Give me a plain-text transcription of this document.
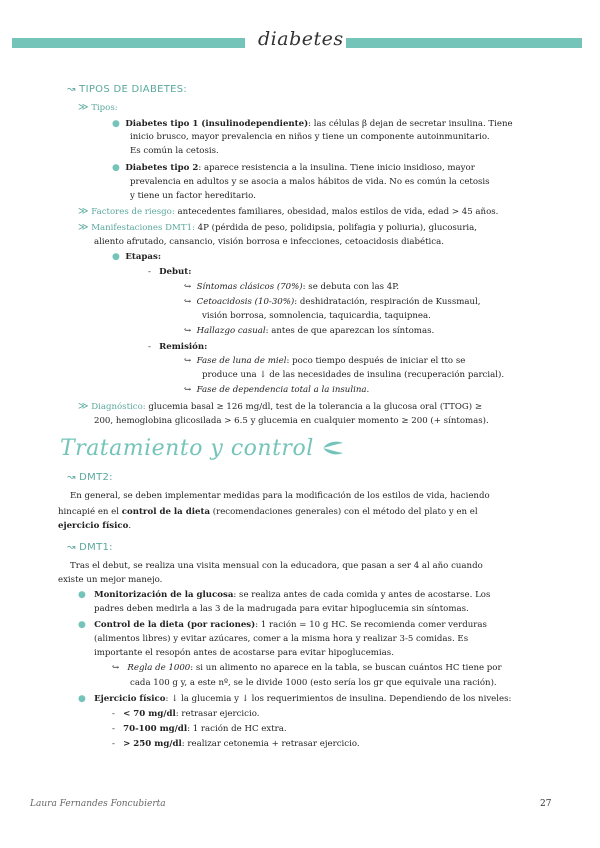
diabetes
↝ TIPOS DE DIABETES:
≫ Tipos:
● Diabetes tipo 1 (insulinodependiente): las células β dejan de secretar insulina. Tiene
inicio brusco, mayor prevalencia en niños y tiene un componente autoinmunitario.
Es común la cetosis.
● Diabetes tipo 2: aparece resistencia a la insulina. Tiene inicio insidioso, mayor
prevalencia en adultos y se asocia a malos hábitos de vida. No es común la cetosis
y tiene un factor hereditario.
≫ Factores de riesgo: antecedentes familiares, obesidad, malos estilos de vida, edad > 45 años.
≫ Manifestaciones DMT1: 4P (pérdida de peso, polidipsia, polifagia y poliuria), glucosuria,
aliento afrutado, cansancio, visión borrosa e infecciones, cetoacidosis diabética.
● Etapas:
- Debut:
↪ Síntomas clásicos (70%): se debuta con las 4P.
↪ Cetoacidosis (10-30%): deshidratación, respiración de Kussmaul,
visión borrosa, somnolencia, taquicardia, taquipnea.
↪ Hallazgo casual: antes de que aparezcan los síntomas.
- Remisión:
↪ Fase de luna de miel: poco tiempo después de iniciar el tto se
produce una ↓ de las necesidades de insulina (recuperación parcial).
↪ Fase de dependencia total a la insulina.
≫ Diagnóstico: glucemia basal ≥ 126 mg/dl, test de la tolerancia a la glucosa oral (TTOG) ≥
200, hemoglobina glicosilada > 6.5 y glucemia en cualquier momento ≥ 200 (+ síntomas).
Tratamiento y control
↝ DMT2:
En general, se deben implementar medidas para la modificación de los estilos de vida, haciendo
hincapié en el control de la dieta (recomendaciones generales) con el método del plato y en el
ejercicio físico.
↝ DMT1:
Tras el debut, se realiza una visita mensual con la educadora, que pasan a ser 4 al año cuando
existe un mejor manejo.
● Monitorización de la glucosa: se realiza antes de cada comida y antes de acostarse. Los
padres deben medirla a las 3 de la madrugada para evitar hipoglucemia sin síntomas.
● Control de la dieta (por raciones): 1 ración = 10 g HC. Se recomienda comer verduras
(alimentos libres) y evitar azúcares, comer a la misma hora y realizar 3-5 comidas. Es
importante el resopón antes de acostarse para evitar hipoglucemias.
↪ Regla de 1000: si un alimento no aparece en la tabla, se buscan cuántos HC tiene por
cada 100 g y, a este nº, se le divide 1000 (esto sería los gr que equivale una ración).
● Ejercicio físico: ↓ la glucemia y ↓ los requerimientos de insulina. Dependiendo de los niveles:
- < 70 mg/dl: retrasar ejercicio.
- 70-100 mg/dl: 1 ración de HC extra.
- > 250 mg/dl: realizar cetonemia + retrasar ejercicio.
Laura Fernandes Foncubierta	27
